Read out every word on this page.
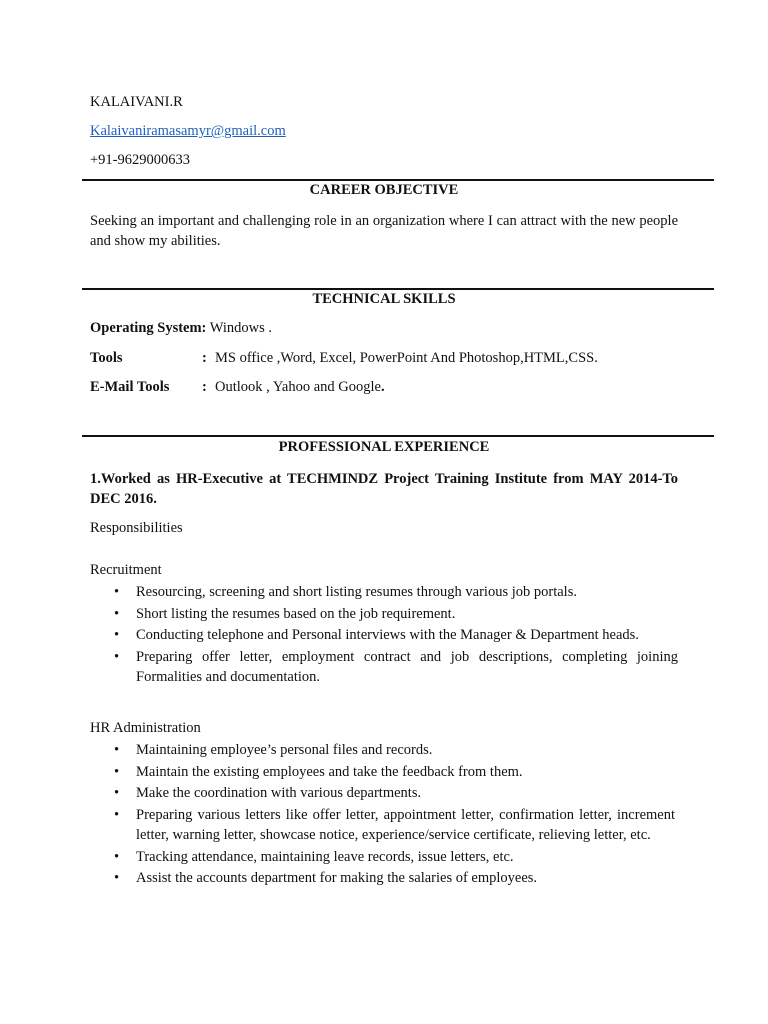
KALAIVANI.R
Kalaivaniramasamyr@gmail.com
+91-9629000633
CAREER OBJECTIVE
Seeking an important and challenging role in an organization where I can attract with the new people and show my abilities.
TECHNICAL SKILLS
Operating System: Windows .
Tools	: MS office ,Word, Excel, PowerPoint And Photoshop,HTML,CSS.
E-Mail Tools : Outlook , Yahoo and Google.
PROFESSIONAL EXPERIENCE
1.Worked as HR-Executive at TECHMINDZ Project Training Institute from MAY 2014-To DEC 2016.
Responsibilities
Recruitment
• Resourcing, screening and short listing resumes through various job portals.
• Short listing the resumes based on the job requirement.
• Conducting telephone and Personal interviews with the Manager & Department heads.
• Preparing offer letter, employment contract and job descriptions, completing joining Formalities and documentation.
HR Administration
• Maintaining employee’s personal files and records.
• Maintain the existing employees and take the feedback from them.
• Make the coordination with various departments.
• Preparing various letters like offer letter, appointment letter, confirmation letter, increment letter, warning letter, showcase notice, experience/service certificate, relieving letter, etc.
• Tracking attendance, maintaining leave records, issue letters, etc.
• Assist the accounts department for making the salaries of employees.
